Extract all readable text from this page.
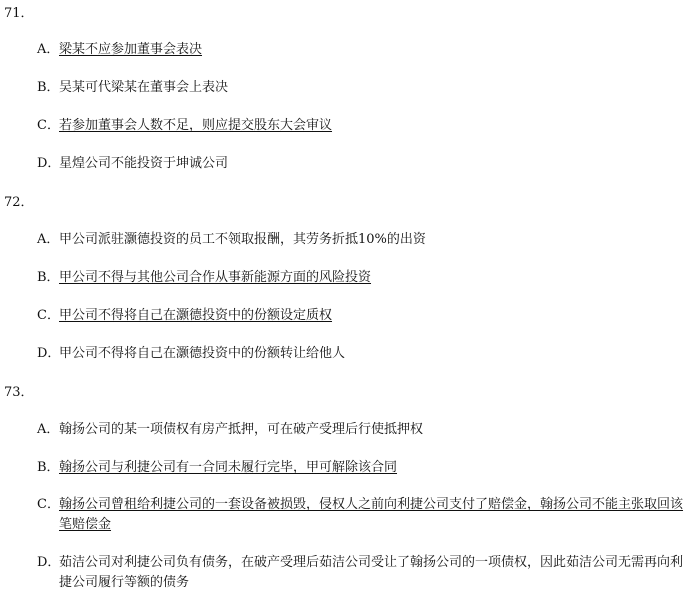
71．
A．梁某不应参加董事会表决
B．吴某可代梁某在董事会上表决
C．若参加董事会人数不足，则应提交股东大会审议
D．星煌公司不能投资于坤诚公司
72．
A．甲公司派驻灏德投资的员工不领取报酬，其劳务折抵10%的出资
B．甲公司不得与其他公司合作从事新能源方面的风险投资
C．甲公司不得将自己在灏德投资中的份额设定质权
D．甲公司不得将自己在灏德投资中的份额转让给他人
73．
A．翰扬公司的某一项债权有房产抵押，可在破产受理后行使抵押权
B．翰扬公司与利捷公司有一合同未履行完毕，甲可解除该合同
C．翰扬公司曾租给利捷公司的一套设备被损毁，侵权人之前向利捷公司支付了赔偿金，翰扬公司不能主张取回该笔赔偿金
D．茹洁公司对利捷公司负有债务，在破产受理后茹洁公司受让了翰扬公司的一项债权，因此茹洁公司无需再向利捷公司履行等额的债务
